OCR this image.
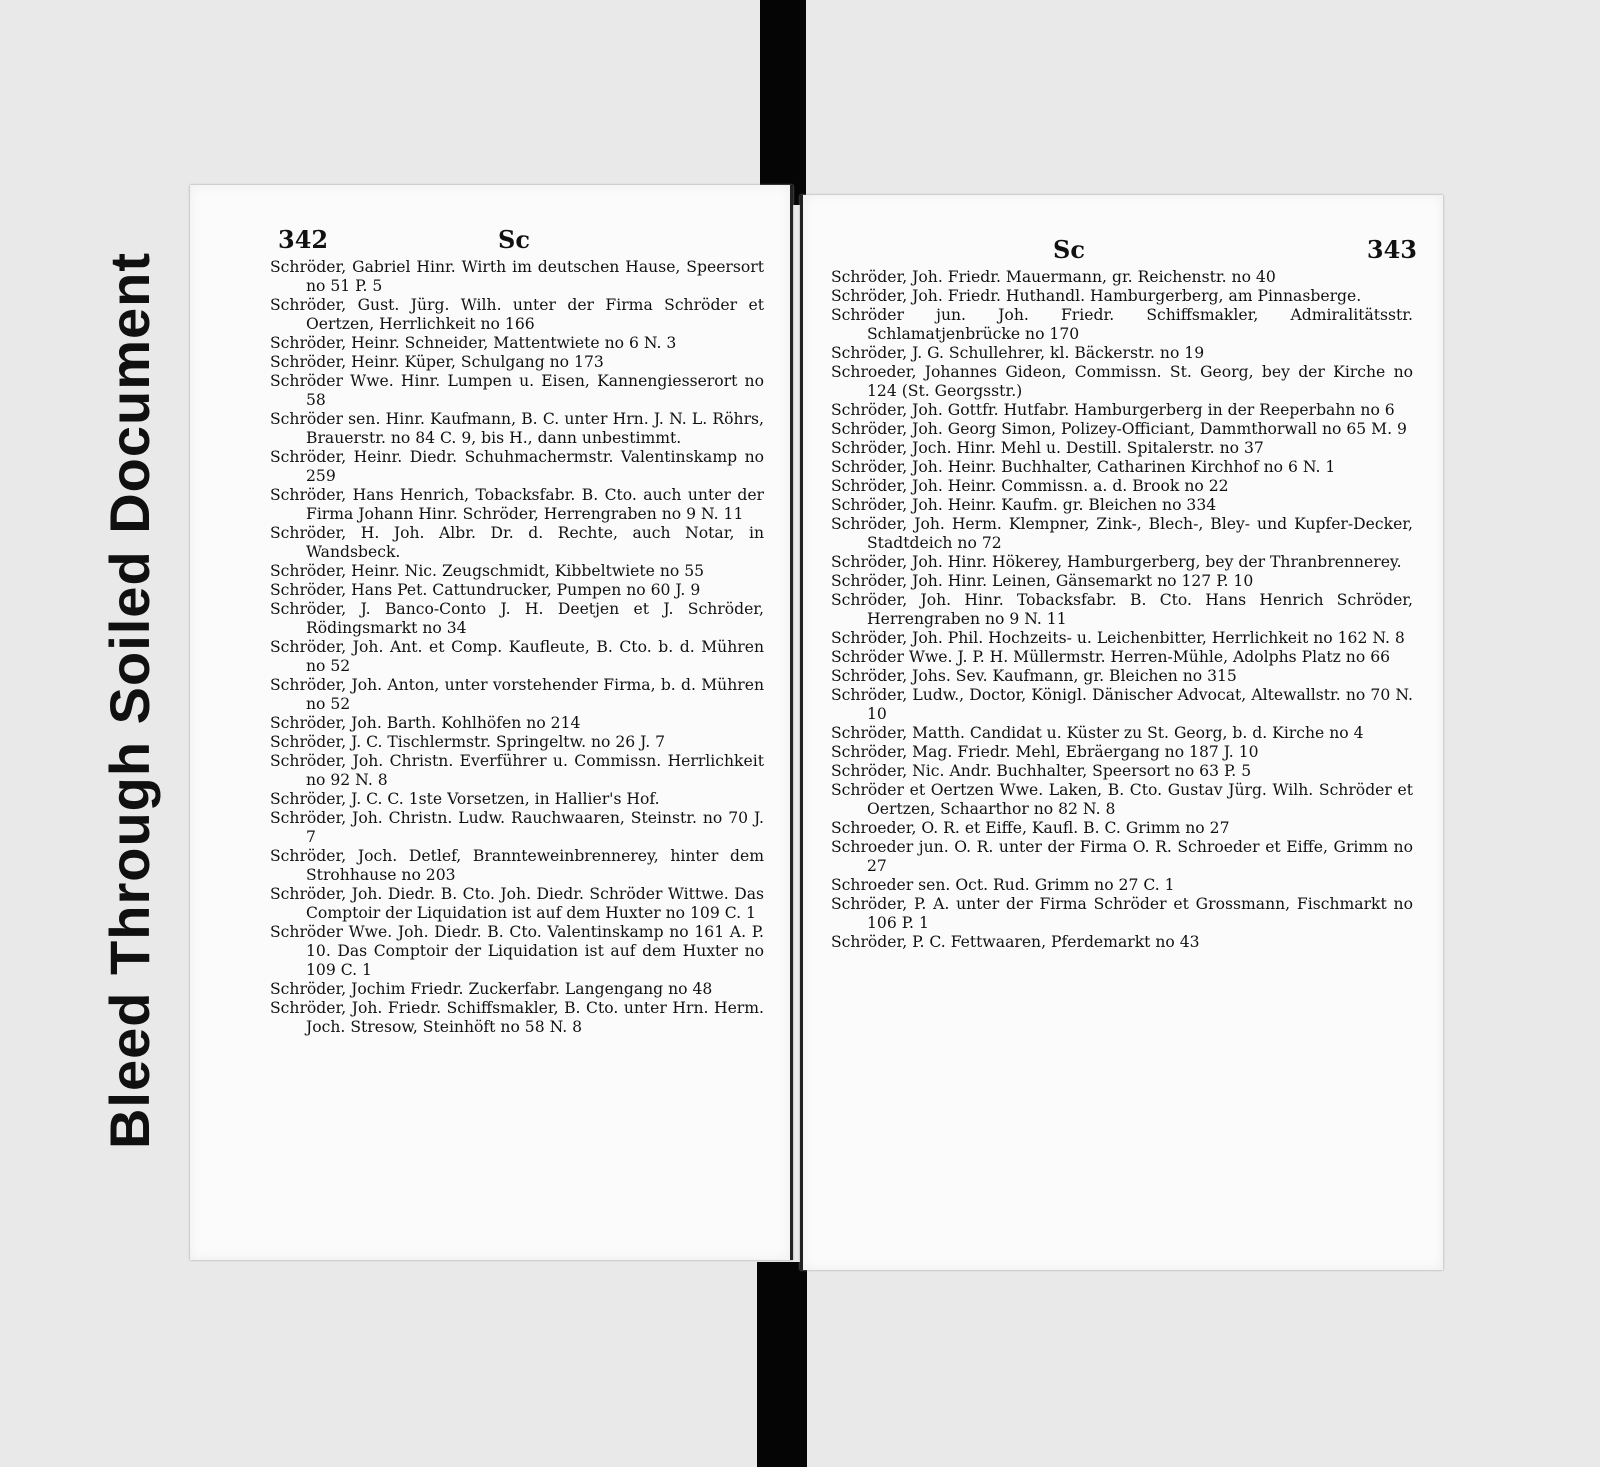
Bleed Through Soiled Document
342	Sc
Schröder, Gabriel Hinr. Wirth im deutschen Hause, Speersort no 51 P. 5
Schröder, Gust. Jürg. Wilh. unter der Firma Schröder et Oertzen, Herrlichkeit no 166
Schröder, Heinr. Schneider, Mattentwiete no 6 N. 3
Schröder, Heinr. Küper, Schulgang no 173
Schröder Wwe. Hinr. Lumpen u. Eisen, Kannengiesserort no 58
Schröder sen. Hinr. Kaufmann, B. C. unter Hrn. J. N. L. Röhrs, Brauerstr. no 84 C. 9, bis H., dann unbestimmt.
Schröder, Heinr. Diedr. Schuhmachermstr. Valentinskamp no 259
Schröder, Hans Henrich, Tobacksfabr. B. Cto. auch unter der Firma Johann Hinr. Schröder, Herrengraben no 9 N. 11
Schröder, H. Joh. Albr. Dr. d. Rechte, auch Notar, in Wandsbeck.
Schröder, Heinr. Nic. Zeugschmidt, Kibbeltwiete no 55
Schröder, Hans Pet. Cattundrucker, Pumpen no 60 J. 9
Schröder, J. Banco-Conto J. H. Deetjen et J. Schröder, Rödingsmarkt no 34
Schröder, Joh. Ant. et Comp. Kaufleute, B. Cto. b. d. Mühren no 52
Schröder, Joh. Anton, unter vorstehender Firma, b. d. Mühren no 52
Schröder, Joh. Barth. Kohlhöfen no 214
Schröder, J. C. Tischlermstr. Springeltw. no 26 J. 7
Schröder, Joh. Christn. Everführer u. Commissn. Herrlichkeit no 92 N. 8
Schröder, J. C. C. 1ste Vorsetzen, in Hallier's Hof.
Schröder, Joh. Christn. Ludw. Rauchwaaren, Steinstr. no 70 J. 7
Schröder, Joch. Detlef, Brannteweinbrennerey, hinter dem Strohhause no 203
Schröder, Joh. Diedr. B. Cto. Joh. Diedr. Schröder Wittwe. Das Comptoir der Liquidation ist auf dem Huxter no 109 C. 1
Schröder Wwe. Joh. Diedr. B. Cto. Valentinskamp no 161 A. P. 10. Das Comptoir der Liquidation ist auf dem Huxter no 109 C. 1
Schröder, Jochim Friedr. Zuckerfabr. Langengang no 48
Schröder, Joh. Friedr. Schiffsmakler, B. Cto. unter Hrn. Herm. Joch. Stresow, Steinhöft no 58 N. 8
Sc	343
Schröder, Joh. Friedr. Mauermann, gr. Reichenstr. no 40
Schröder, Joh. Friedr. Huthandl. Hamburgerberg, am Pinnasberge.
Schröder jun. Joh. Friedr. Schiffsmakler, Admiralitätsstr. Schlamatjenbrücke no 170
Schröder, J. G. Schullehrer, kl. Bäckerstr. no 19
Schroeder, Johannes Gideon, Commissn. St. Georg, bey der Kirche no 124 (St. Georgsstr.)
Schröder, Joh. Gottfr. Hutfabr. Hamburgerberg in der Reeperbahn no 6
Schröder, Joh. Georg Simon, Polizey-Officiant, Dammthorwall no 65 M. 9
Schröder, Joch. Hinr. Mehl u. Destill. Spitalerstr. no 37
Schröder, Joh. Heinr. Buchhalter, Catharinen Kirchhof no 6 N. 1
Schröder, Joh. Heinr. Commissn. a. d. Brook no 22
Schröder, Joh. Heinr. Kaufm. gr. Bleichen no 334
Schröder, Joh. Herm. Klempner, Zink-, Blech-, Bley- und Kupfer-Decker, Stadtdeich no 72
Schröder, Joh. Hinr. Hökerey, Hamburgerberg, bey der Thranbrennerey.
Schröder, Joh. Hinr. Leinen, Gänsemarkt no 127 P. 10
Schröder, Joh. Hinr. Tobacksfabr. B. Cto. Hans Henrich Schröder, Herrengraben no 9 N. 11
Schröder, Joh. Phil. Hochzeits- u. Leichenbitter, Herrlichkeit no 162 N. 8
Schröder Wwe. J. P. H. Müllermstr. Herren-Mühle, Adolphs Platz no 66
Schröder, Johs. Sev. Kaufmann, gr. Bleichen no 315
Schröder, Ludw., Doctor, Königl. Dänischer Advocat, Altewallstr. no 70 N. 10
Schröder, Matth. Candidat u. Küster zu St. Georg, b. d. Kirche no 4
Schröder, Mag. Friedr. Mehl, Ebräergang no 187 J. 10
Schröder, Nic. Andr. Buchhalter, Speersort no 63 P. 5
Schröder et Oertzen Wwe. Laken, B. Cto. Gustav Jürg. Wilh. Schröder et Oertzen, Schaarthor no 82 N. 8
Schroeder, O. R. et Eiffe, Kaufl. B. C. Grimm no 27
Schroeder jun. O. R. unter der Firma O. R. Schroeder et Eiffe, Grimm no 27
Schroeder sen. Oct. Rud. Grimm no 27 C. 1
Schröder, P. A. unter der Firma Schröder et Grossmann, Fischmarkt no 106 P. 1
Schröder, P. C. Fettwaaren, Pferdemarkt no 43
